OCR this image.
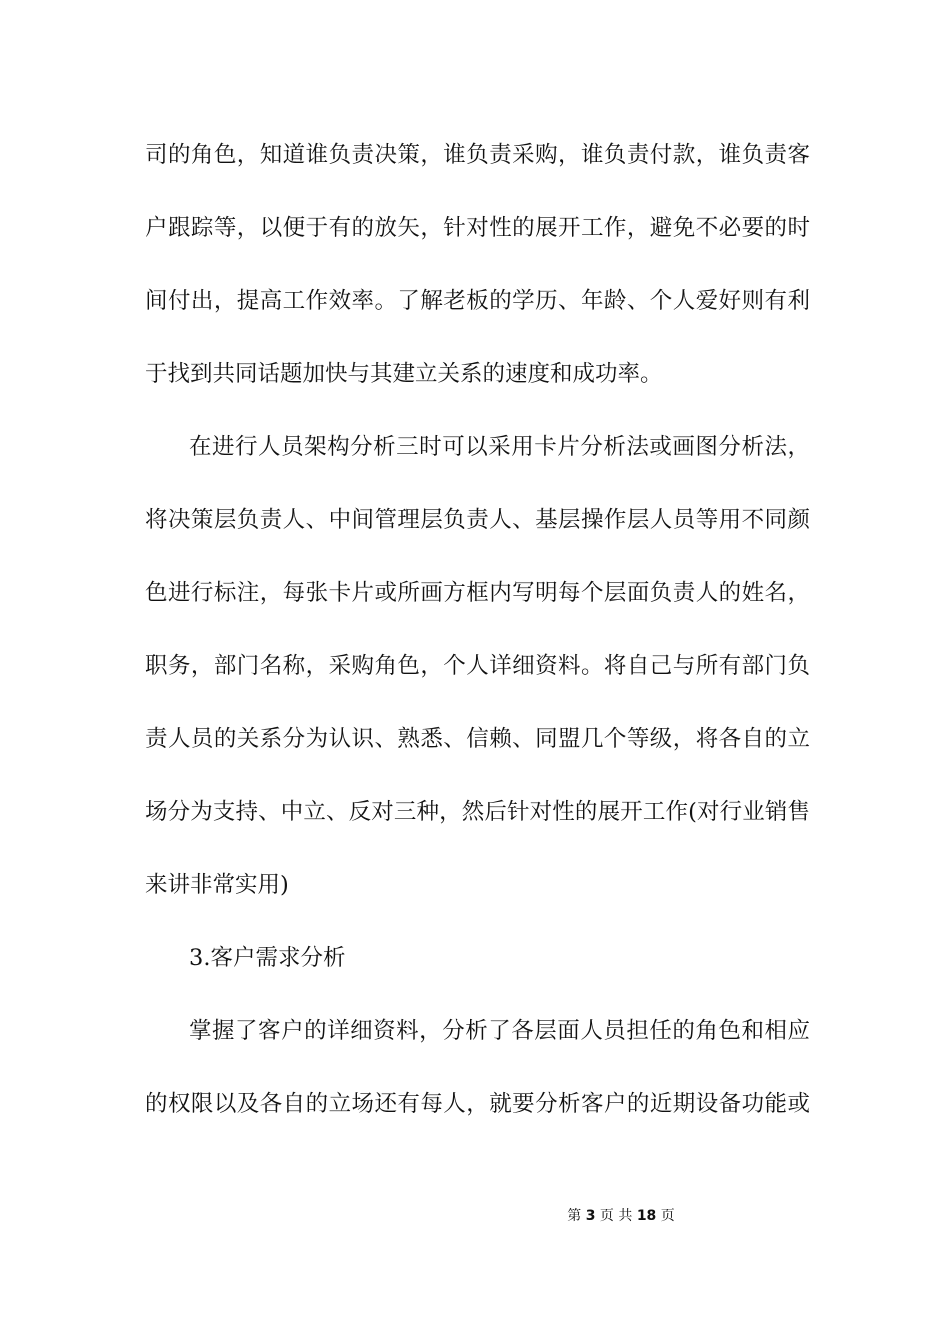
司的角色，知道谁负责决策，谁负责采购，谁负责付款，谁负责客
户跟踪等，以便于有的放矢，针对性的展开工作，避免不必要的时
间付出，提高工作效率。了解老板的学历、年龄、个人爱好则有利
于找到共同话题加快与其建立关系的速度和成功率。
在进行人员架构分析三时可以采用卡片分析法或画图分析法，
将决策层负责人、中间管理层负责人、基层操作层人员等用不同颜
色进行标注，每张卡片或所画方框内写明每个层面负责人的姓名，
职务，部门名称，采购角色，个人详细资料。将自己与所有部门负
责人员的关系分为认识、熟悉、信赖、同盟几个等级，将各自的立
场分为支持、中立、反对三种，然后针对性的展开工作(对行业销售
来讲非常实用)
3.客户需求分析
掌握了客户的详细资料，分析了各层面人员担任的角色和相应
的权限以及各自的立场还有每人，就要分析客户的近期设备功能或
第 3 页 共 18 页
